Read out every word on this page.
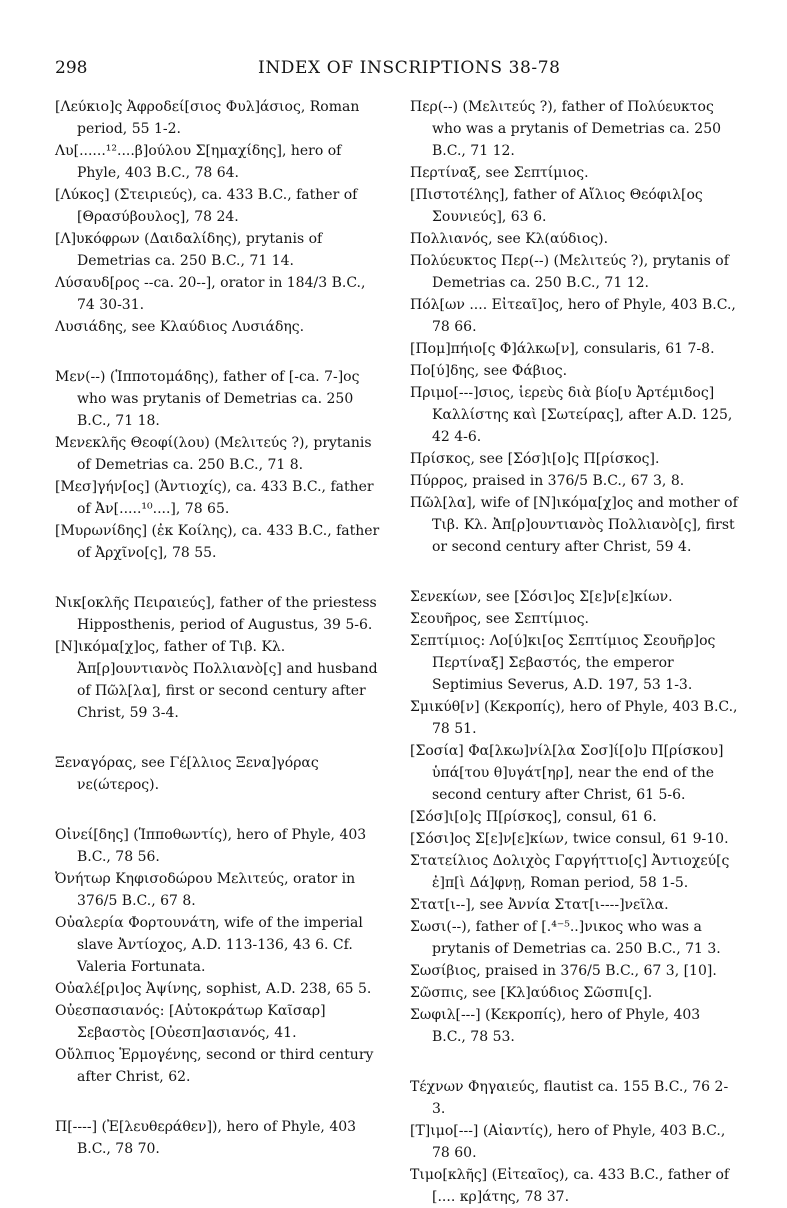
298	INDEX OF INSCRIPTIONS 38-78

[Λεύκιο]ς Ἀφροδεί[σιος Φυλ]άσιος, Roman period, 55 1-2.

Λυ[......¹²....β]ούλου Σ[ημαχίδης], hero of Phyle, 403 B.C., 78 64.

[Λύκος] (Στειριεύς), ca. 433 B.C., father of [Θρασύβουλος], 78 24.

[Λ]υκόφρων (Δαιδαλίδης), prytanis of Demetrias ca. 250 B.C., 71 14.

Λύσαυδ[ρος ‑‑ca. 20‑‑], orator in 184/3 B.C., 74 30-31.

Λυσιάδης, see Κλαύδιος Λυσιάδης.

Μεν(‑‑) (Ἱπποτομάδης), father of [‑ca. 7‑]ος who was prytanis of Demetrias ca. 250 B.C., 71 18.

Μενεκλῆς Θεοφί(λου) (Μελιτεύς ?), prytanis of Demetrias ca. 250 B.C., 71 8.

[Μεσ]γήν[ος] (Ἀντιοχίς), ca. 433 B.C., father of Ἀν[.....¹⁰....], 78 65.

[Μυρωνίδης] (ἐκ Κοίλης), ca. 433 B.C., father of Ἀρχῖνο[ς], 78 55.

Νικ[οκλῆς Πειραιεύς], father of the priestess Hipposthenis, period of Augustus, 39 5-6.

[Ν]ικόμα[χ]ος, father of Τιβ. Κλ. Ἀπ[ρ]ουντιανὸς Πολλιανὸ[ς] and husband of Πῶλ[λα], first or second century after Christ, 59 3-4.

Ξεναγόρας, see Γέ[λλιος Ξενα]γόρας νε(ώτερος).

Οἰνεί[δης] (Ἱπποθωντίς), hero of Phyle, 403 B.C., 78 56.

Ὀνήτωρ Κηφισοδώρου Μελιτεύς, orator in 376/5 B.C., 67 8.

Οὐαλερία Φορτουνάτη, wife of the imperial slave Ἀντίοχος, A.D. 113-136, 43 6. Cf. Valeria Fortunata.

Οὐαλέ[ρι]ος Ἀψίνης, sophist, A.D. 238, 65 5.

Οὐεσπασιανός: [Αὐτοκράτωρ Καῖσαρ] Σεβαστὸς [Οὐεσπ]ασιανός, 41.

Οὔλπιος Ἑρμογένης, second or third century after Christ, 62.

Π[‑‑‑‑] (Ἐ[λευθεράθεν]), hero of Phyle, 403 B.C., 78 70.

Περ(‑‑) (Μελιτεύς ?), father of Πολύευκτος who was a prytanis of Demetrias ca. 250 B.C., 71 12.

Περτίναξ, see Σεπτίμιος.

[Πιστοτέλης], father of Αἴλιος Θεόφιλ[ος Σουνιεύς], 63 6.

Πολλιανός, see Κλ(αύδιος).

Πολύευκτος Περ(‑‑) (Μελιτεύς ?), prytanis of Demetrias ca. 250 B.C., 71 12.

Πόλ[ων .... Εἰτεαῖ]ος, hero of Phyle, 403 B.C., 78 66.

[Πομ]πήιο[ς Φ]άλκω[ν], consularis, 61 7-8.

Πο[ύ]δης, see Φάβιος.

Πριμο[‑‑‑]σιος, ἱερεὺς διὰ βίο[υ Ἀρτέμιδος] Καλλίστης καὶ [Σωτείρας], after A.D. 125, 42 4-6.

Πρίσκος, see [Σόσ]ι[ο]ς Π[ρίσκος].

Πύρρος, praised in 376/5 B.C., 67 3, 8.

Πῶλ[λα], wife of [Ν]ικόμα[χ]ος and mother of Τιβ. Κλ. Ἀπ[ρ]ουντιανὸς Πολλιανὸ[ς], first or second century after Christ, 59 4.

Σενεκίων, see [Σόσι]ος Σ[ε]ν[ε]κίων.

Σεουῆρος, see Σεπτίμιος.

Σεπτίμιος: Λο[ύ]κι[ος Σεπτίμιος Σεουῆρ]ος Περτίναξ] Σεβαστός, the emperor Septimius Severus, A.D. 197, 53 1-3.

Σμικύθ[ν] (Κεκροπίς), hero of Phyle, 403 B.C., 78 51.

[Σοσία] Φα[λκω]νίλ[λα Σοσ]ί[ο]υ Π[ρίσκου] ὑπά[του θ]υγάτ[ηρ], near the end of the second century after Christ, 61 5-6.

[Σόσ]ι[ο]ς Π[ρίσκος], consul, 61 6.

[Σόσι]ος Σ[ε]ν[ε]κίων, twice consul, 61 9-10.

Στατείλιος Δολιχὸς Γαργήττιο[ς] Ἀντιοχεύ[ς ἐ]π[ὶ Δά]φνῃ, Roman period, 58 1-5.

Στατ[ι‑‑], see Ἀννία Στατ[ι‑‑‑‑]νεῖλα.

Σωσι(‑‑), father of [.⁴⁻⁵..]νικος who was a prytanis of Demetrias ca. 250 B.C., 71 3.

Σωσίβιος, praised in 376/5 B.C., 67 3, [10].

Σῶσπις, see [Κλ]αύδιος Σῶσπι[ς].

Σωφιλ[‑‑‑] (Κεκροπίς), hero of Phyle, 403 B.C., 78 53.

Τέχνων Φηγαιεύς, flautist ca. 155 B.C., 76 2-3.

[Τ]ιμο[‑‑‑] (Αἰαντίς), hero of Phyle, 403 B.C., 78 60.

Τιμο[κλῆς] (Εἰτεαῖος), ca. 433 B.C., father of [.... κρ]άτης, 78 37.
